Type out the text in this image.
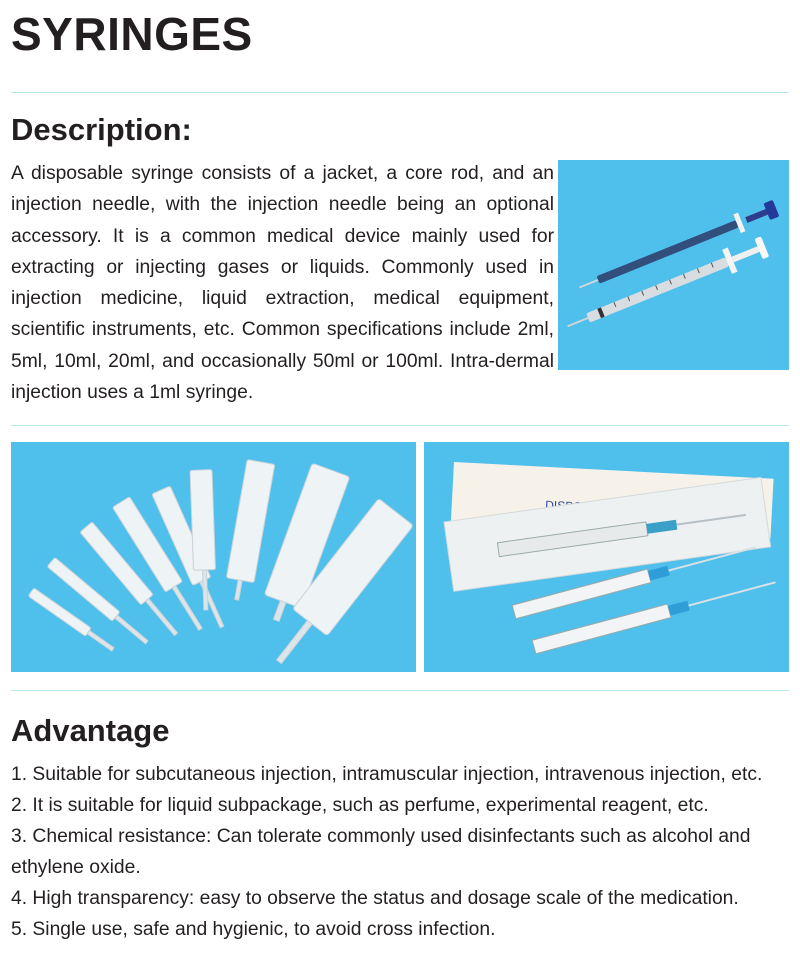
SYRINGES
Description:

A disposable syringe consists of a jacket, a core rod, and an injection needle, with the injection needle being an optional accessory. It is a common medical device mainly used for extracting or injecting gases or liquids. Commonly used in injection medicine, liquid extraction, medical equipment, scientific instruments, etc. Common specifications include 2ml, 5ml, 10ml, 20ml, and occasionally 50ml or 100ml. Intra-dermal injection uses a 1ml syringe.

Advantage
1. Suitable for subcutaneous injection, intramuscular injection, intravenous injection, etc.
2. It is suitable for liquid subpackage, such as perfume, experimental reagent, etc.
3. Chemical resistance: Can tolerate commonly used disinfectants such as alcohol and ethylene oxide.
4. High transparency: easy to observe the status and dosage scale of the medication.
5. Single use, safe and hygienic, to avoid cross infection.
